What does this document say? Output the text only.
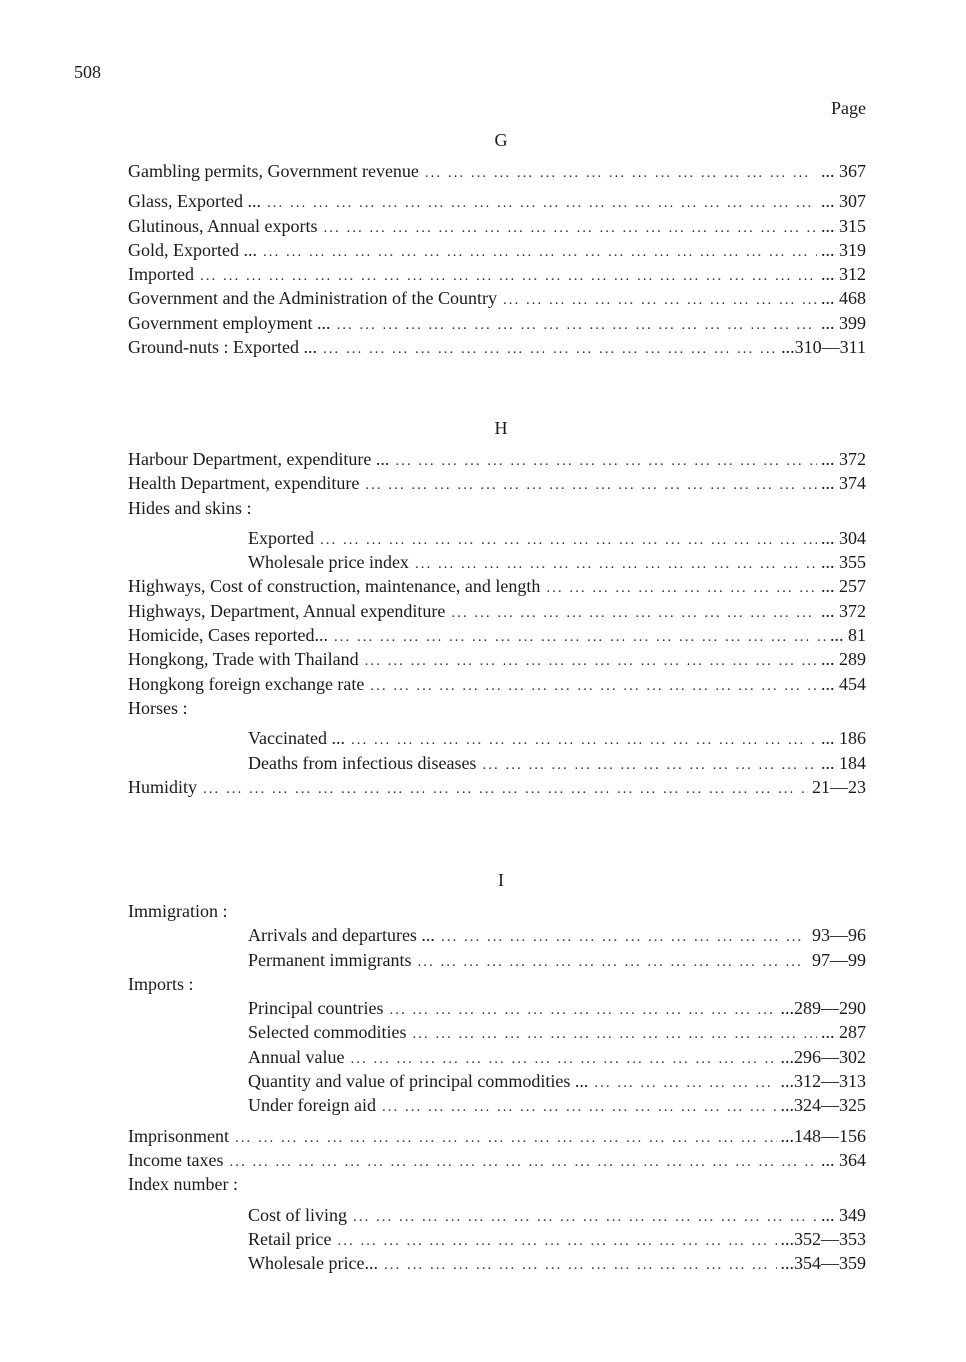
508
Page
G
Gambling permits, Government revenue ... .	... 367
Glass, Exported ... ... .	... 307
Glutinous, Annual exports ... .	... 315
Gold, Exported ... ... .	... 319
Imported ... .	... 312
Government and the Administration of the Country ... .	... 468
Government employment ... ... .	... 399
Ground-nuts : Exported ... ... .	...310—311
H
Harbour Department, expenditure ... ... .	... 372
Health Department, expenditure ... .	... 374
Hides and skins :
Exported ... .	... 304
Wholesale price index ... .	... 355
Highways, Cost of construction, maintenance, and length ... .	... 257
Highways, Department, Annual expenditure ... .	... 372
Homicide, Cases reported... ... .	... 81
Hongkong, Trade with Thailand ... .	... 289
Hongkong foreign exchange rate ... .	... 454
Horses :
Vaccinated ... ... .	... 186
Deaths from infectious diseases ... .	... 184
Humidity ... .	21—23
I
Immigration :
Arrivals and departures ... ... .	93—96
Permanent immigrants ... .	97—99
Imports :
Principal countries ... .	...289—290
Selected commodities ... .	... 287
Annual value ... .	...296—302
Quantity and value of principal commodities ... ... .	...312—313
Under foreign aid ... .	...324—325
Imprisonment ... .	...148—156
Income taxes ... .	... 364
Index number :
Cost of living ... .	... 349
Retail price ... .	...352—353
Wholesale price... ... .	...354—359
